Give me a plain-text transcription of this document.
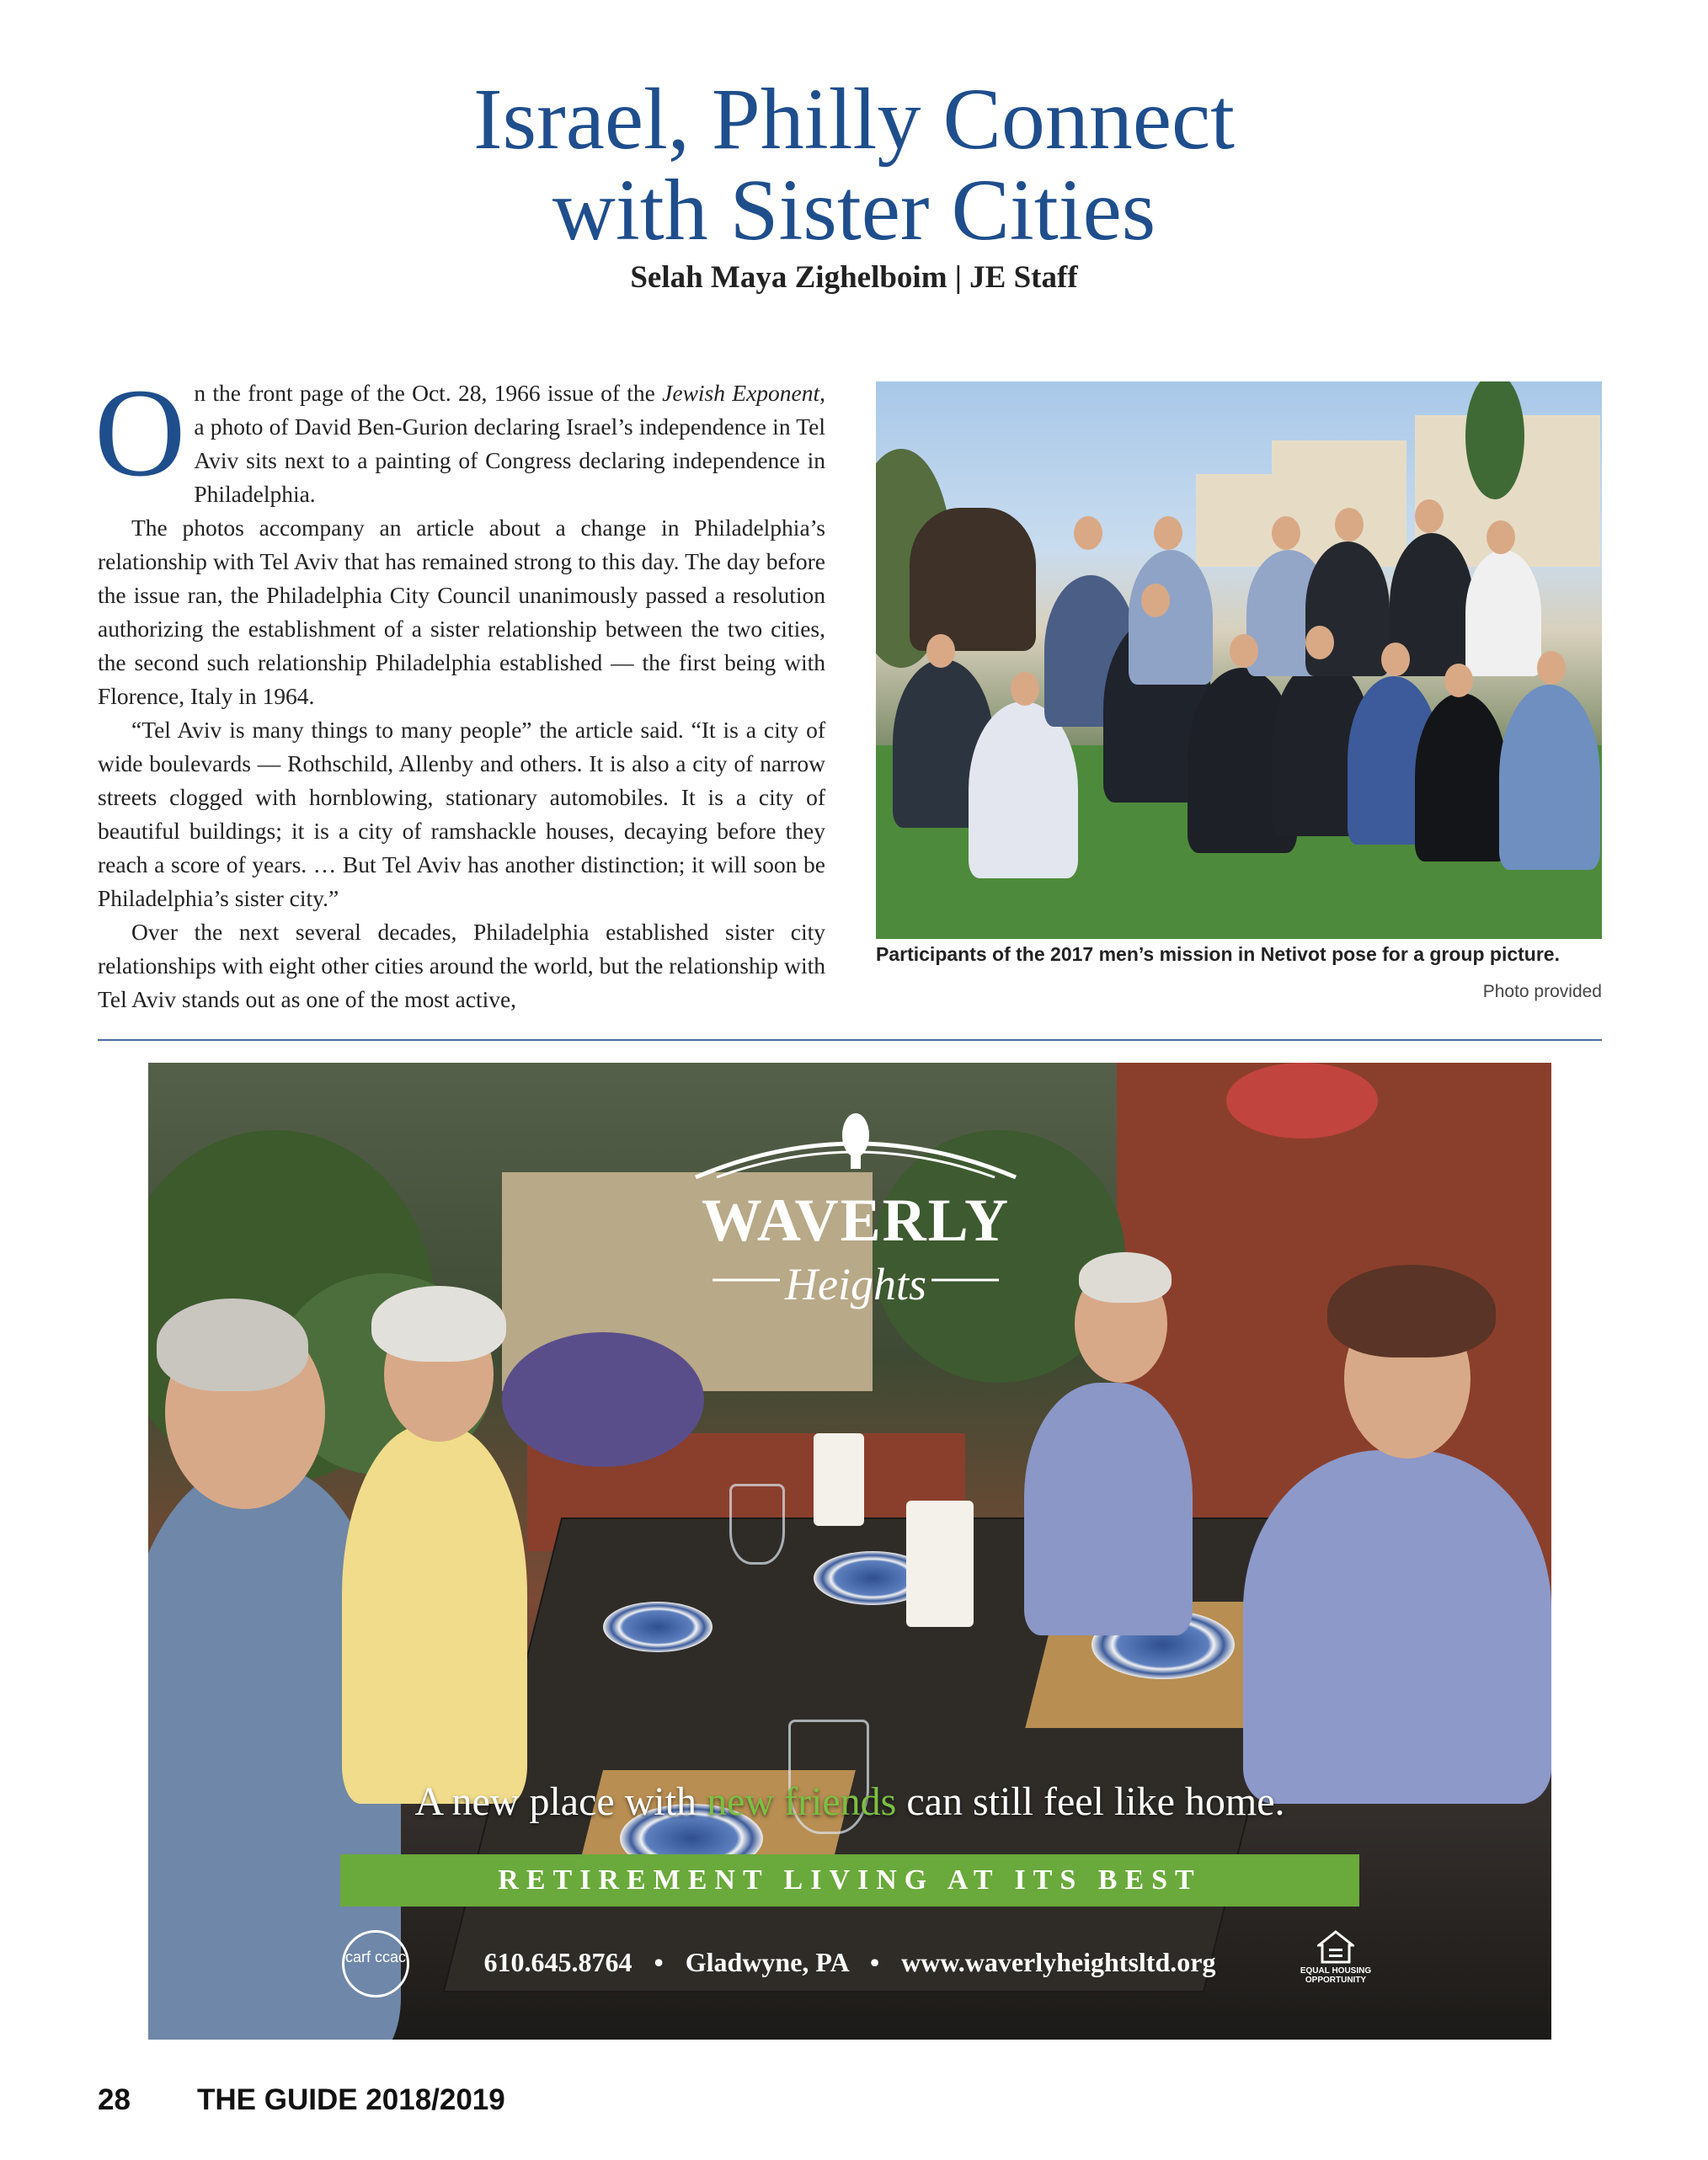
Israel, Philly Connect
with Sister Cities
Selah Maya Zighelboim | JE Staff

On the front page of the Oct. 28, 1966 issue of the Jewish Exponent, a photo of David Ben-Gurion declaring Israel’s independence in Tel Aviv sits next to a painting of Congress declaring independence in Philadelphia.

The photos accompany an article about a change in Philadelphia’s relationship with Tel Aviv that has remained strong to this day. The day before the issue ran, the Philadelphia City Council unanimously passed a resolution authorizing the establishment of a sister relationship between the two cities, the second such relationship Philadelphia established — the first being with Florence, Italy in 1964.

“Tel Aviv is many things to many people” the article said. “It is a city of wide boulevards — Rothschild, Allenby and others. It is also a city of narrow streets clogged with hornblowing, stationary automobiles. It is a city of beautiful buildings; it is a city of ramshackle houses, decaying before they reach a score of years. … But Tel Aviv has another distinction; it will soon be Philadelphia’s sister city.”

Over the next several decades, Philadelphia established sister city relationships with eight other cities around the world, but the relationship with Tel Aviv stands out as one of the most active,

Participants of the 2017 men’s mission in Netivot pose for a group picture.
Photo provided
WAVERLY
Heights
A new place with new friends can still feel like home.
RETIREMENT LIVING AT ITS BEST
carf ccac	610.645.8764 • Gladwyne, PA • www.waverlyheightsltd.org	EQUAL HOUSING OPPORTUNITY
28 THE GUIDE 2018/2019
